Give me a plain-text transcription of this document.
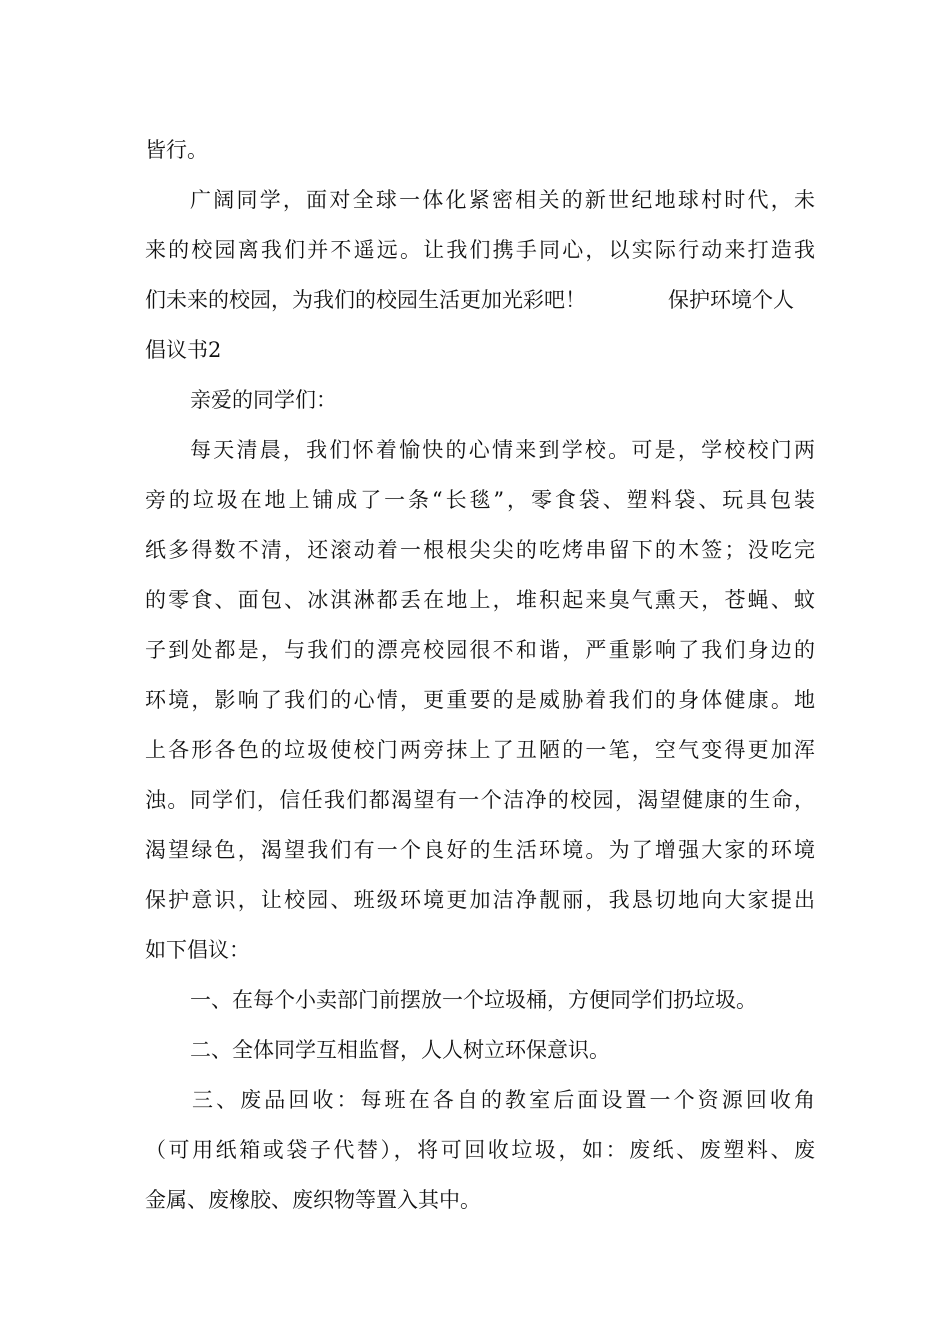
皆行。
广阔同学，面对全球一体化紧密相关的新世纪地球村时代，未
来的校园离我们并不遥远。让我们携手同心，以实际行动来打造我
们未来的校园，为我们的校园生活更加光彩吧！	保护环境个人
倡议书2
亲爱的同学们：
每天清晨，我们怀着愉快的心情来到学校。可是，学校校门两
旁的垃圾在地上铺成了一条“长毯”，零食袋、塑料袋、玩具包装
纸多得数不清，还滚动着一根根尖尖的吃烤串留下的木签；没吃完
的零食、面包、冰淇淋都丢在地上，堆积起来臭气熏天，苍蝇、蚊
子到处都是，与我们的漂亮校园很不和谐，严重影响了我们身边的
环境，影响了我们的心情，更重要的是威胁着我们的身体健康。地
上各形各色的垃圾使校门两旁抹上了丑陋的一笔，空气变得更加浑
浊。同学们，信任我们都渴望有一个洁净的校园，渴望健康的生命，
渴望绿色，渴望我们有一个良好的生活环境。为了增强大家的环境
保护意识，让校园、班级环境更加洁净靓丽，我恳切地向大家提出
如下倡议：
一、在每个小卖部门前摆放一个垃圾桶，方便同学们扔垃圾。
二、全体同学互相监督，人人树立环保意识。
三、废品回收：每班在各自的教室后面设置一个资源回收角
（可用纸箱或袋子代替），将可回收垃圾，如：废纸、废塑料、废
金属、废橡胶、废织物等置入其中。
